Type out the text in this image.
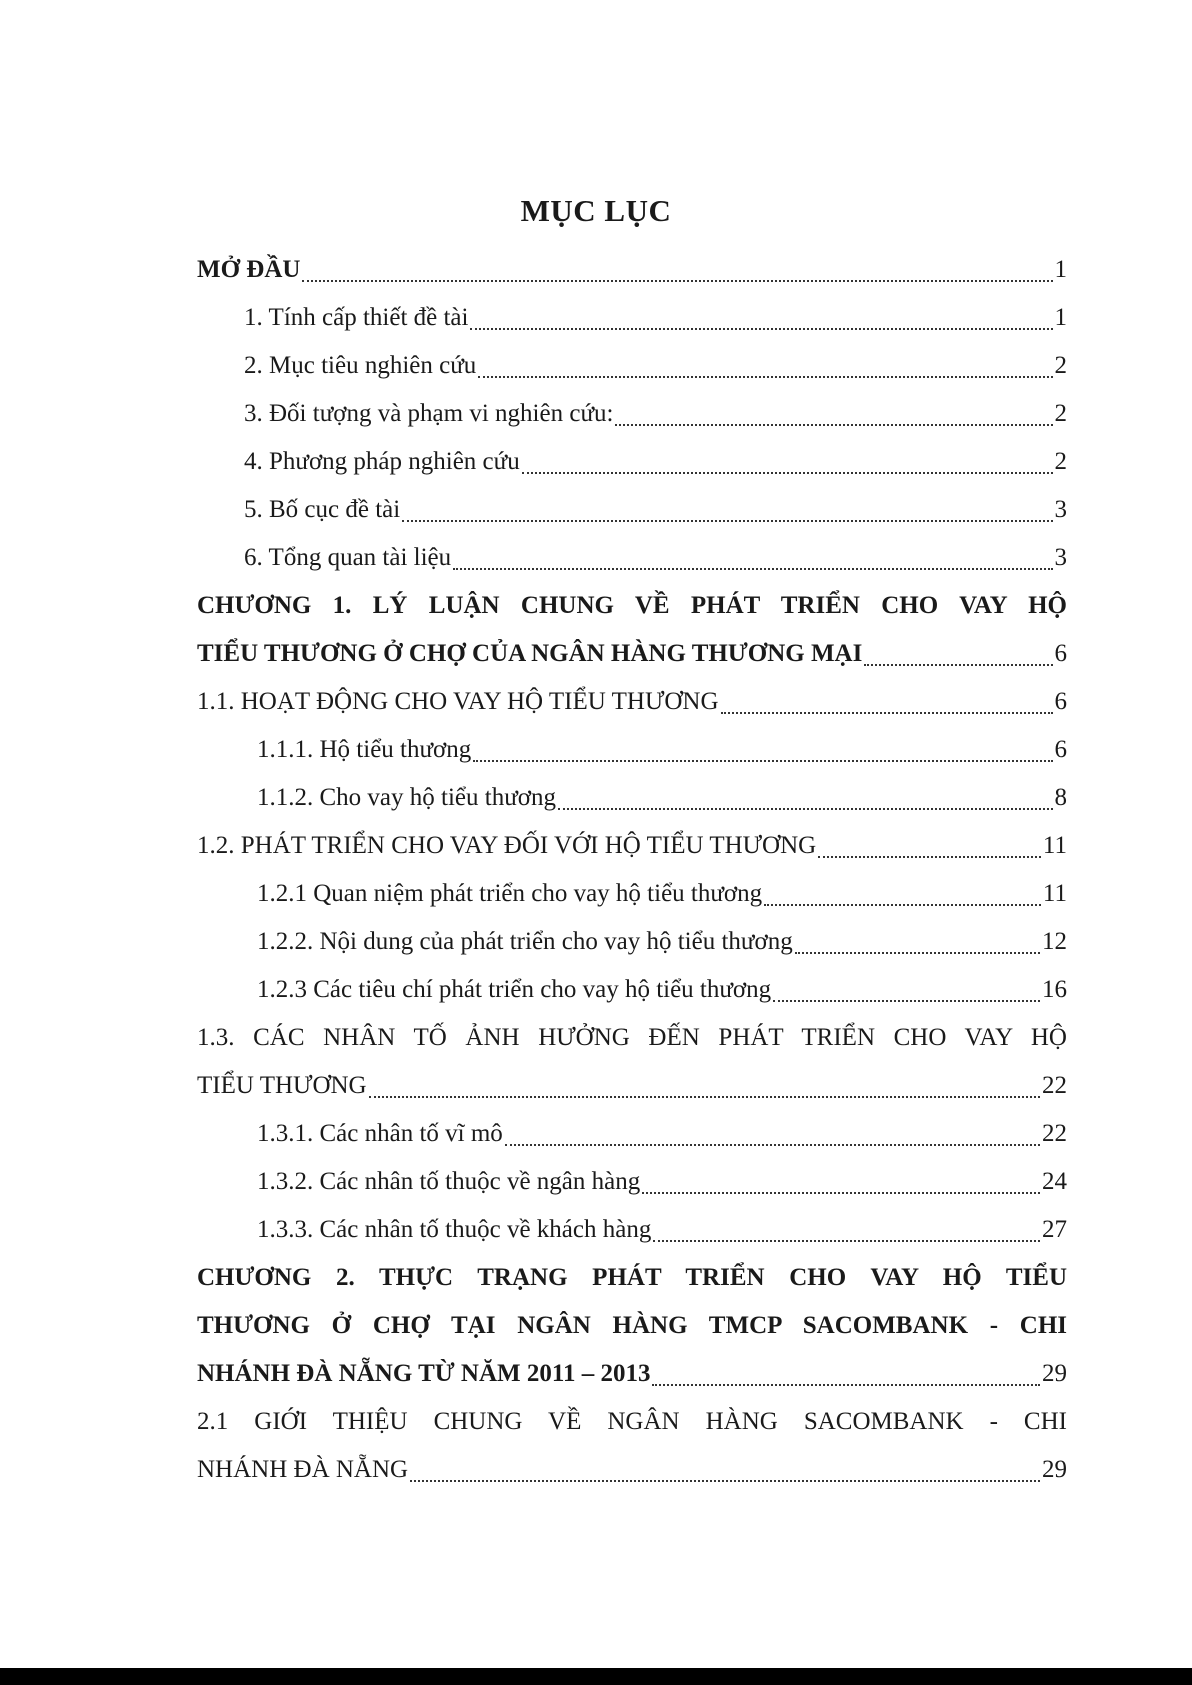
MỤC LỤC
MỞ ĐẦU	1
1. Tính cấp thiết đề tài	1
2. Mục tiêu nghiên cứu	2
3. Đối tượng và phạm vi nghiên cứu:	2
4. Phương pháp nghiên cứu	2
5. Bố cục đề tài	3
6. Tổng quan tài liệu	3
CHƯƠNG 1. LÝ LUẬN CHUNG VỀ PHÁT TRIỂN CHO VAY HỘ
TIỂU THƯƠNG Ở CHỢ CỦA NGÂN HÀNG THƯƠNG MẠI	6
1.1. HOẠT ĐỘNG CHO VAY HỘ TIỂU THƯƠNG	6
1.1.1. Hộ tiểu thương	6
1.1.2. Cho vay hộ tiểu thương	8
1.2. PHÁT TRIỂN CHO VAY ĐỐI VỚI HỘ TIỂU THƯƠNG	11
1.2.1 Quan niệm phát triển cho vay hộ tiểu thương	11
1.2.2. Nội dung của phát triển cho vay hộ tiểu thương	12
1.2.3 Các tiêu chí phát triển cho vay hộ tiểu thương	16
1.3. CÁC NHÂN TỐ ẢNH HƯỞNG ĐẾN PHÁT TRIỂN CHO VAY HỘ
TIỂU THƯƠNG	22
1.3.1. Các nhân tố vĩ mô	22
1.3.2. Các nhân tố thuộc về ngân hàng	24
1.3.3. Các nhân tố thuộc về khách hàng	27
CHƯƠNG 2. THỰC TRẠNG PHÁT TRIỂN CHO VAY HỘ TIỂU
THƯƠNG Ở CHỢ TẠI NGÂN HÀNG TMCP SACOMBANK - CHI
NHÁNH ĐÀ NẴNG TỪ NĂM 2011 – 2013	29
2.1 GIỚI THIỆU CHUNG VỀ NGÂN HÀNG SACOMBANK - CHI
NHÁNH ĐÀ NẴNG	29
